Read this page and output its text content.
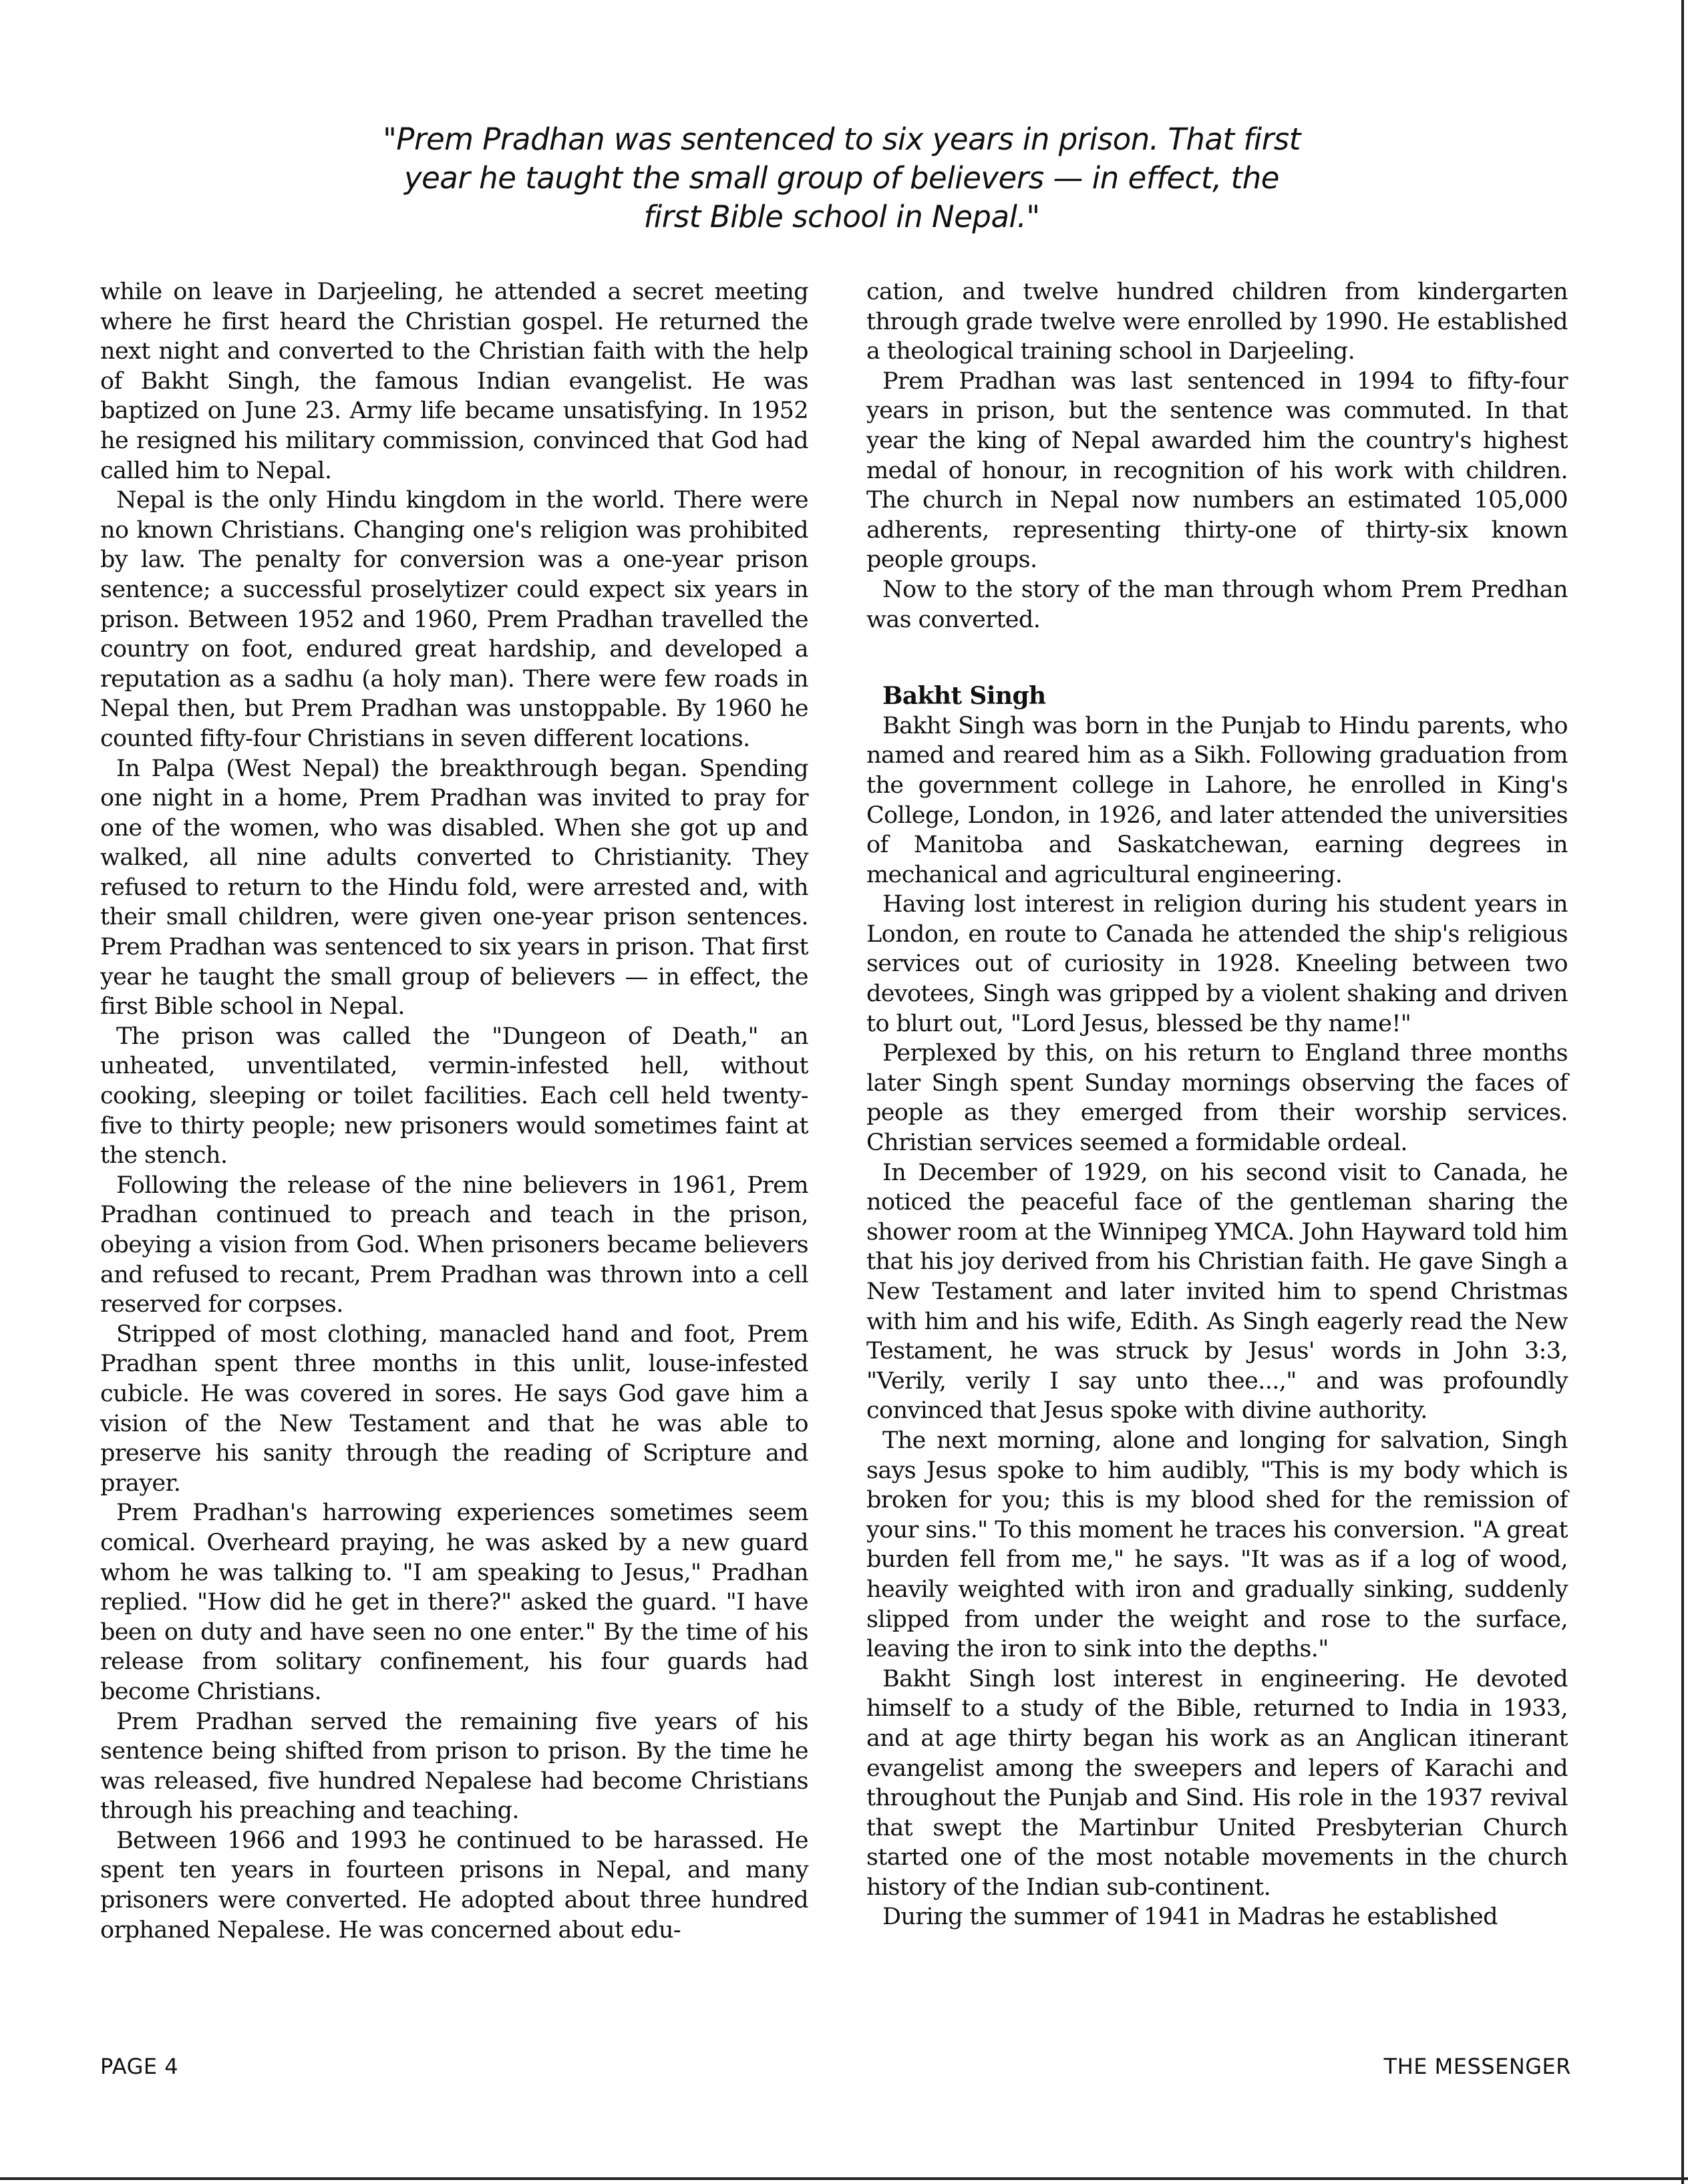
"Prem Pradhan was sentenced to six years in prison. That first
year he taught the small group of believers — in effect, the
first Bible school in Nepal."

while on leave in Darjeeling, he attended a secret meeting where he first heard the Christian gospel. He returned the next night and converted to the Christian faith with the help of Bakht Singh, the famous Indian evangelist. He was baptized on June 23. Army life became unsatisfying. In 1952 he resigned his military commission, convinced that God had called him to Nepal.

Nepal is the only Hindu kingdom in the world. There were no known Christians. Changing one's religion was prohibited by law. The penalty for conversion was a one-year prison sentence; a successful proselytizer could expect six years in prison. Between 1952 and 1960, Prem Pradhan travelled the country on foot, endured great hardship, and developed a reputation as a sadhu (a holy man). There were few roads in Nepal then, but Prem Pradhan was unstoppable. By 1960 he counted fifty-four Christians in seven different locations.

In Palpa (West Nepal) the breakthrough began. Spending one night in a home, Prem Pradhan was invited to pray for one of the women, who was disabled. When she got up and walked, all nine adults converted to Christianity. They refused to return to the Hindu fold, were arrested and, with their small children, were given one-year prison sentences. Prem Pradhan was sentenced to six years in prison. That first year he taught the small group of believers — in effect, the first Bible school in Nepal.

The prison was called the "Dungeon of Death," an unheated, unventilated, vermin-infested hell, without cooking, sleeping or toilet facilities. Each cell held twenty-five to thirty people; new prisoners would sometimes faint at the stench.

Following the release of the nine believers in 1961, Prem Pradhan continued to preach and teach in the prison, obeying a vision from God. When prisoners became believers and refused to recant, Prem Pradhan was thrown into a cell reserved for corpses.

Stripped of most clothing, manacled hand and foot, Prem Pradhan spent three months in this unlit, louse-infested cubicle. He was covered in sores. He says God gave him a vision of the New Testament and that he was able to preserve his sanity through the reading of Scripture and prayer.

Prem Pradhan's harrowing experiences sometimes seem comical. Overheard praying, he was asked by a new guard whom he was talking to. "I am speaking to Jesus," Pradhan replied. "How did he get in there?" asked the guard. "I have been on duty and have seen no one enter." By the time of his release from solitary confinement, his four guards had become Christians.

Prem Pradhan served the remaining five years of his sentence being shifted from prison to prison. By the time he was released, five hundred Nepalese had become Christians through his preaching and teaching.

Between 1966 and 1993 he continued to be harassed. He spent ten years in fourteen prisons in Nepal, and many prisoners were converted. He adopted about three hundred orphaned Nepalese. He was concerned about edu-

cation, and twelve hundred children from kindergarten through grade twelve were enrolled by 1990. He established a theological training school in Darjeeling.

Prem Pradhan was last sentenced in 1994 to fifty-four years in prison, but the sentence was commuted. In that year the king of Nepal awarded him the country's highest medal of honour, in recognition of his work with children. The church in Nepal now numbers an estimated 105,000 adherents, representing thirty-one of thirty-six known people groups.

Now to the story of the man through whom Prem Predhan was converted.

Bakht Singh

Bakht Singh was born in the Punjab to Hindu parents, who named and reared him as a Sikh. Following graduation from the government college in Lahore, he enrolled in King's College, London, in 1926, and later attended the universities of Manitoba and Saskatchewan, earning degrees in mechanical and agricultural engineering.

Having lost interest in religion during his student years in London, en route to Canada he attended the ship's religious services out of curiosity in 1928. Kneeling between two devotees, Singh was gripped by a violent shaking and driven to blurt out, "Lord Jesus, blessed be thy name!"

Perplexed by this, on his return to England three months later Singh spent Sunday mornings observing the faces of people as they emerged from their worship services. Christian services seemed a formidable ordeal.

In December of 1929, on his second visit to Canada, he noticed the peaceful face of the gentleman sharing the shower room at the Winnipeg YMCA. John Hayward told him that his joy derived from his Christian faith. He gave Singh a New Testament and later invited him to spend Christmas with him and his wife, Edith. As Singh eagerly read the New Testament, he was struck by Jesus' words in John 3:3, "Verily, verily I say unto thee...," and was profoundly convinced that Jesus spoke with divine authority.

The next morning, alone and longing for salvation, Singh says Jesus spoke to him audibly, "This is my body which is broken for you; this is my blood shed for the remission of your sins." To this moment he traces his conversion. "A great burden fell from me," he says. "It was as if a log of wood, heavily weighted with iron and gradually sinking, suddenly slipped from under the weight and rose to the surface, leaving the iron to sink into the depths."

Bakht Singh lost interest in engineering. He devoted himself to a study of the Bible, returned to India in 1933, and at age thirty began his work as an Anglican itinerant evangelist among the sweepers and lepers of Karachi and throughout the Punjab and Sind. His role in the 1937 revival that swept the Martinbur United Presbyterian Church started one of the most notable movements in the church history of the Indian sub-continent.

During the summer of 1941 in Madras he established

PAGE 4	THE MESSENGER
